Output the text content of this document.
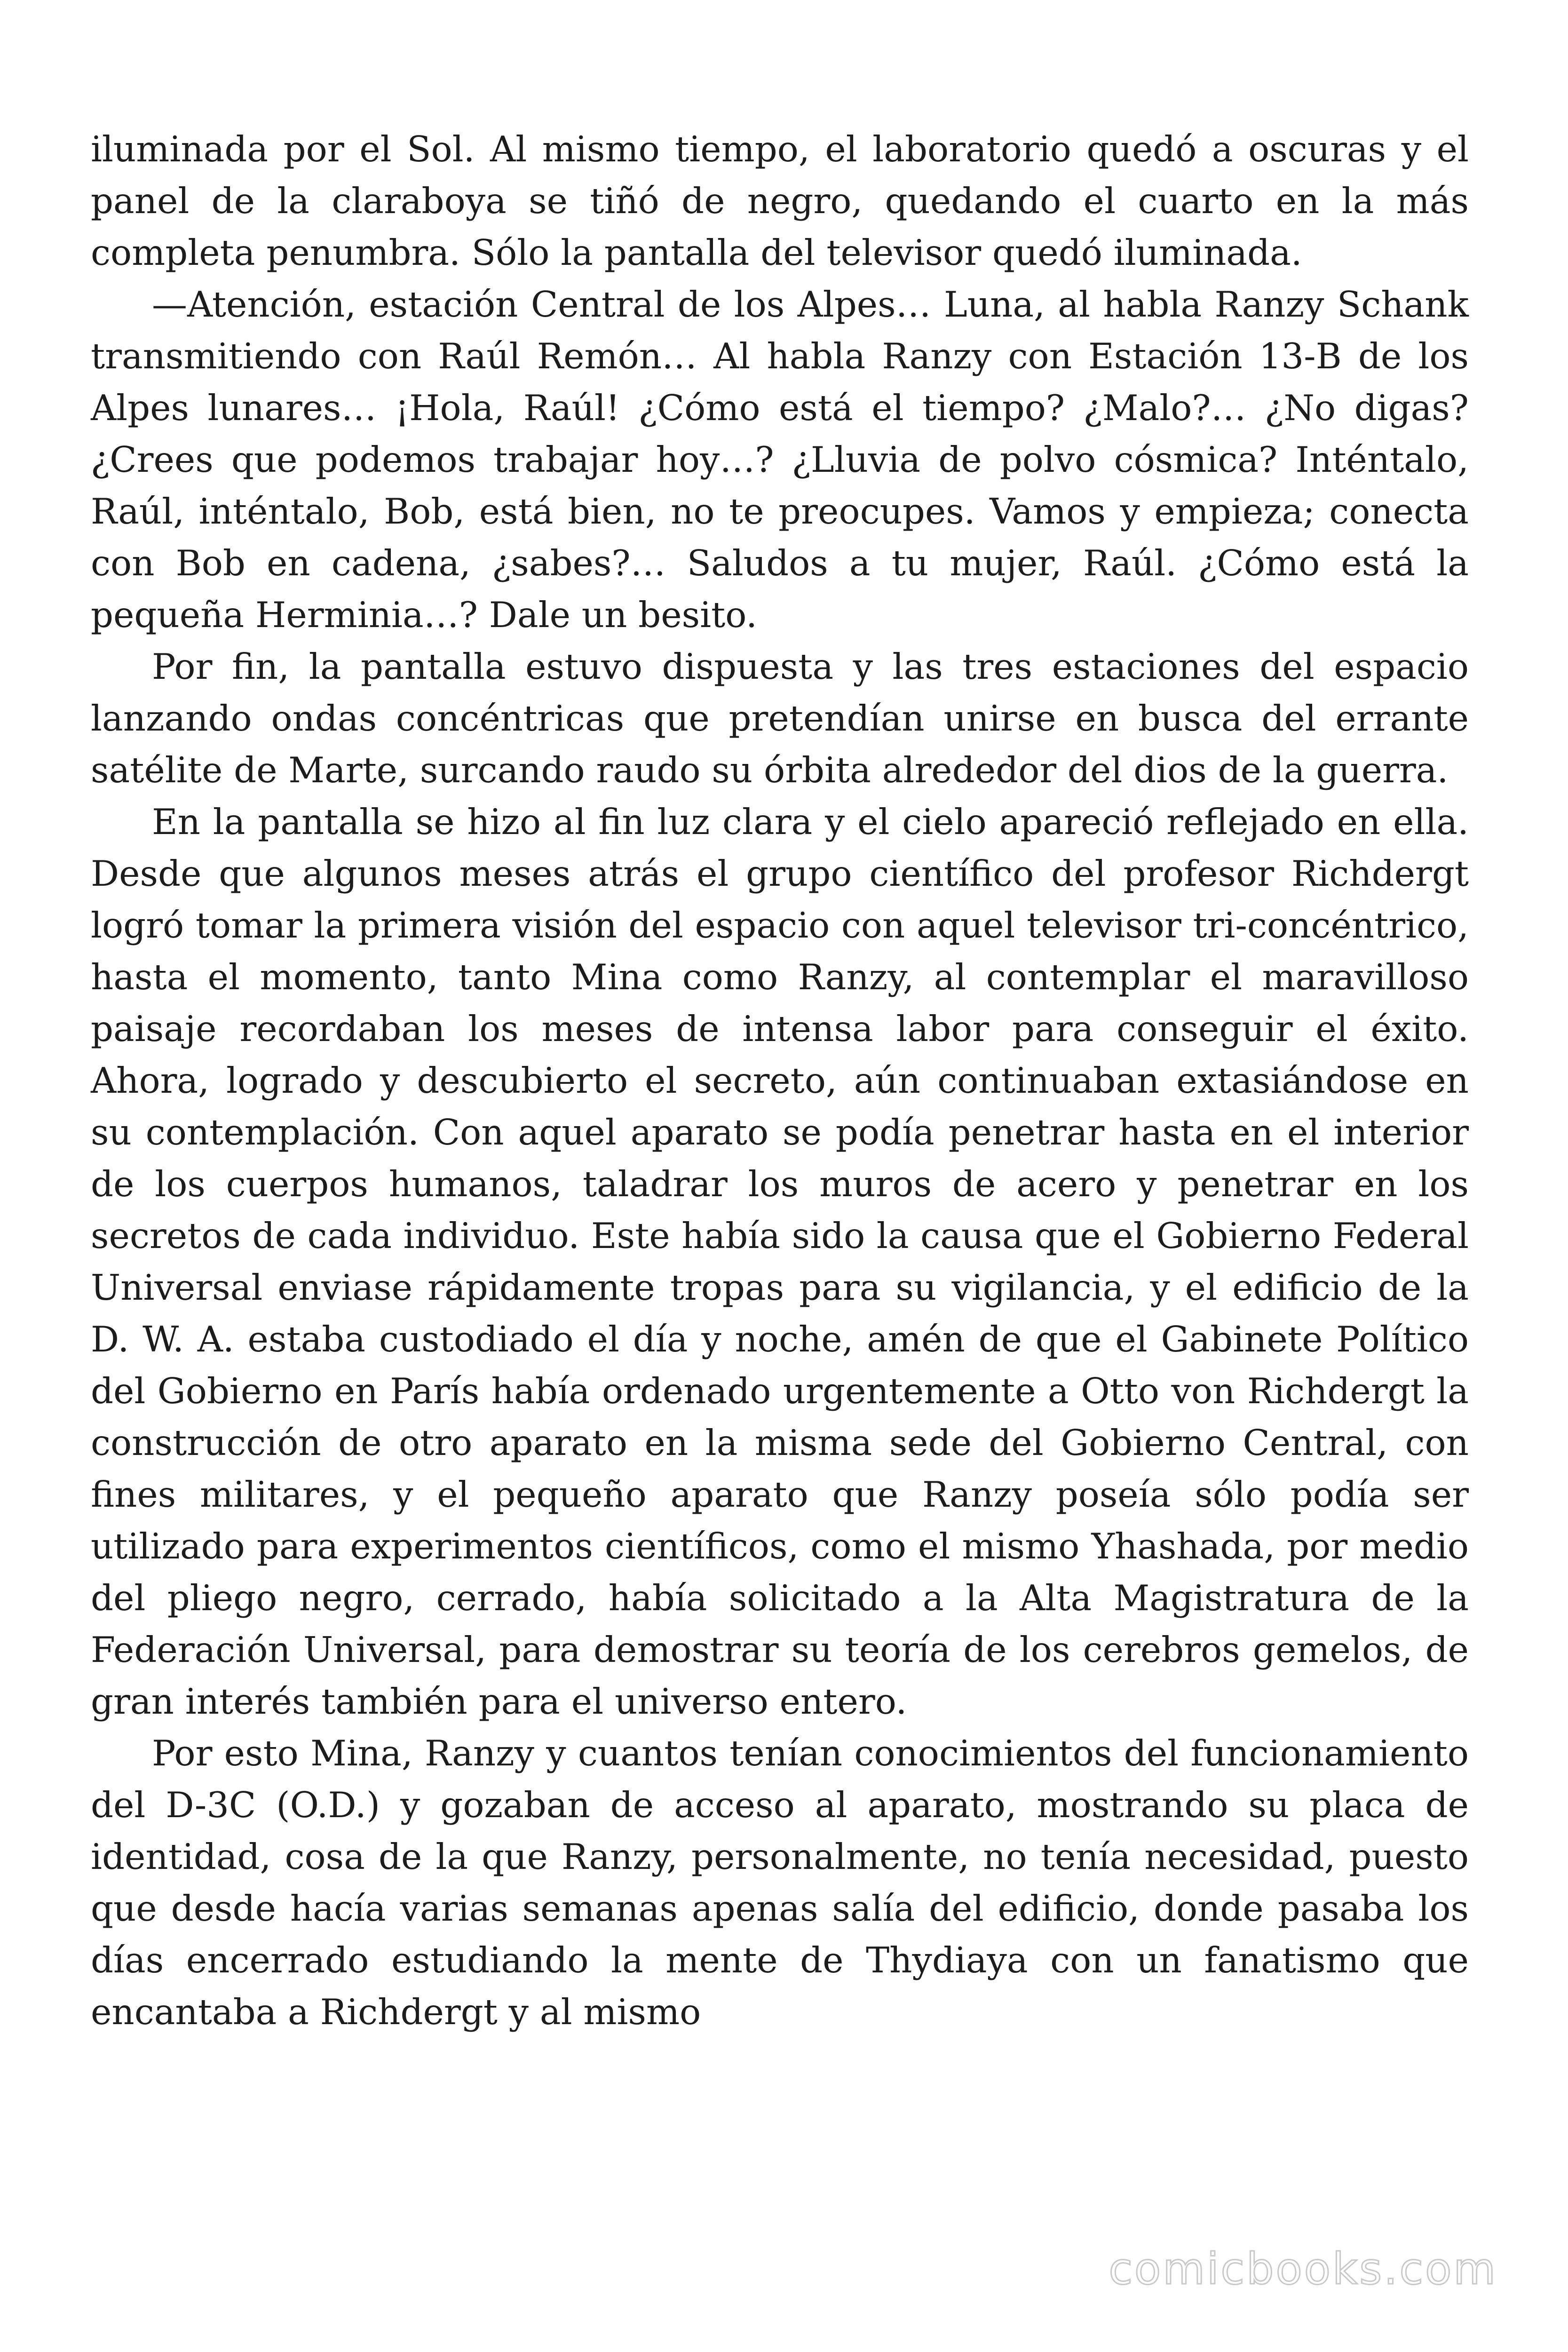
iluminada por el Sol. Al mismo tiempo, el laboratorio quedó a oscuras y el panel de la claraboya se tiñó de negro, quedando el cuarto en la más completa penumbra. Sólo la pantalla del televisor quedó iluminada.

—Atención, estación Central de los Alpes… Luna, al habla Ranzy Schank transmitiendo con Raúl Remón… Al habla Ranzy con Estación 13-B de los Alpes lunares… ¡Hola, Raúl! ¿Cómo está el tiempo? ¿Malo?… ¿No digas? ¿Crees que podemos trabajar hoy…? ¿Lluvia de polvo cósmica? Inténtalo, Raúl, inténtalo, Bob, está bien, no te preocupes. Vamos y empieza; conecta con Bob en cadena, ¿sabes?… Saludos a tu mujer, Raúl. ¿Cómo está la pequeña Herminia…? Dale un besito.

Por fin, la pantalla estuvo dispuesta y las tres estaciones del espacio lanzando ondas concéntricas que pretendían unirse en busca del errante satélite de Marte, surcando raudo su órbita alrededor del dios de la guerra.

En la pantalla se hizo al fin luz clara y el cielo apareció reflejado en ella. Desde que algunos meses atrás el grupo científico del profesor Richdergt logró tomar la primera visión del espacio con aquel televisor tri-concéntrico, hasta el momento, tanto Mina como Ranzy, al contemplar el maravilloso paisaje recordaban los meses de intensa labor para conseguir el éxito. Ahora, logrado y descubierto el secreto, aún continuaban extasiándose en su contemplación. Con aquel aparato se podía penetrar hasta en el interior de los cuerpos humanos, taladrar los muros de acero y penetrar en los secretos de cada individuo. Este había sido la causa que el Gobierno Federal Universal enviase rápidamente tropas para su vigilancia, y el edificio de la D. W. A. estaba custodiado el día y noche, amén de que el Gabinete Político del Gobierno en París había ordenado urgentemente a Otto von Richdergt la construcción de otro aparato en la misma sede del Gobierno Central, con fines militares, y el pequeño aparato que Ranzy poseía sólo podía ser utilizado para experimentos científicos, como el mismo Yhashada, por medio del pliego negro, cerrado, había solicitado a la Alta Magistratura de la Federación Universal, para demostrar su teoría de los cerebros gemelos, de gran interés también para el universo entero.

Por esto Mina, Ranzy y cuantos tenían conocimientos del funcionamiento del D-3C (O.D.) y gozaban de acceso al aparato, mostrando su placa de identidad, cosa de la que Ranzy, personalmente, no tenía necesidad, puesto que desde hacía varias semanas apenas salía del edificio, donde pasaba los días encerrado estudiando la mente de Thydiaya con un fanatismo que encantaba a Richdergt y al mismo

comicbooks.com
